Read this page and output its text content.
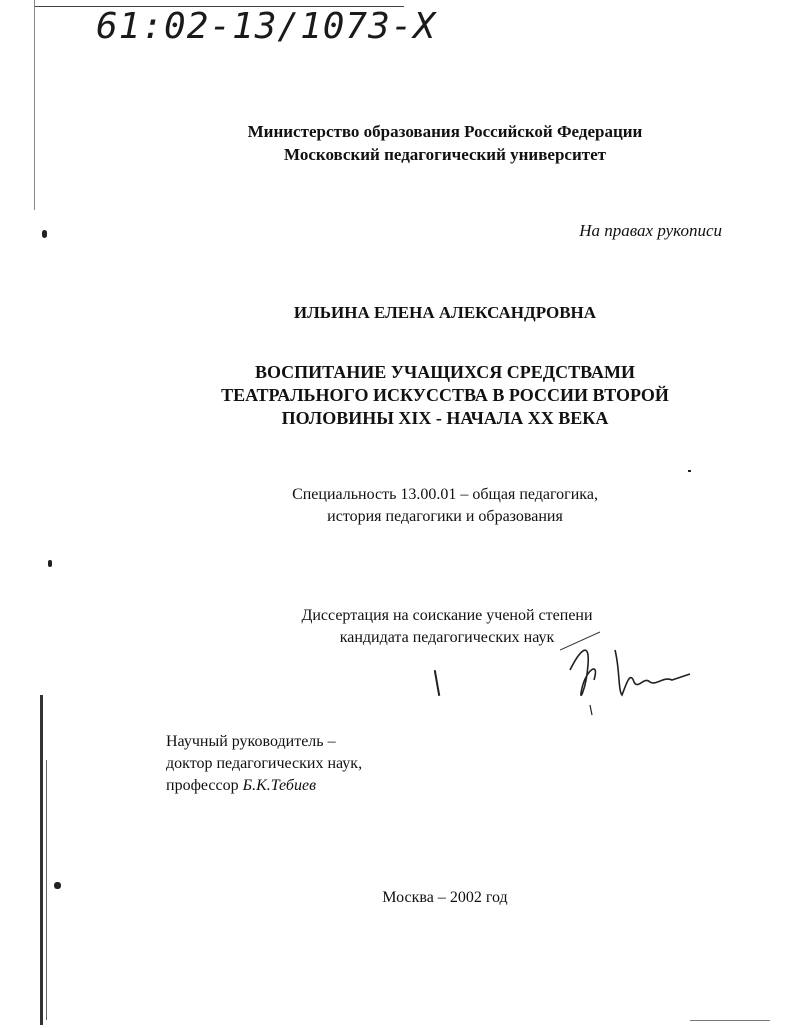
61:02-13/1073-X
Министерство образования Российской Федерации
Московский педагогический университет
На правах рукописи
ИЛЬИНА ЕЛЕНА АЛЕКСАНДРОВНА
ВОСПИТАНИЕ УЧАЩИХСЯ СРЕДСТВАМИ
ТЕАТРАЛЬНОГО ИСКУССТВА В РОССИИ ВТОРОЙ
ПОЛОВИНЫ XIX - НАЧАЛА XX ВЕКА
Специальность 13.00.01 – общая педагогика,
история педагогики и образования
Диссертация на соискание ученой степени
кандидата педагогических наук
Научный руководитель –
доктор педагогических наук,
профессор Б.К.Тебиев
Москва – 2002 год
